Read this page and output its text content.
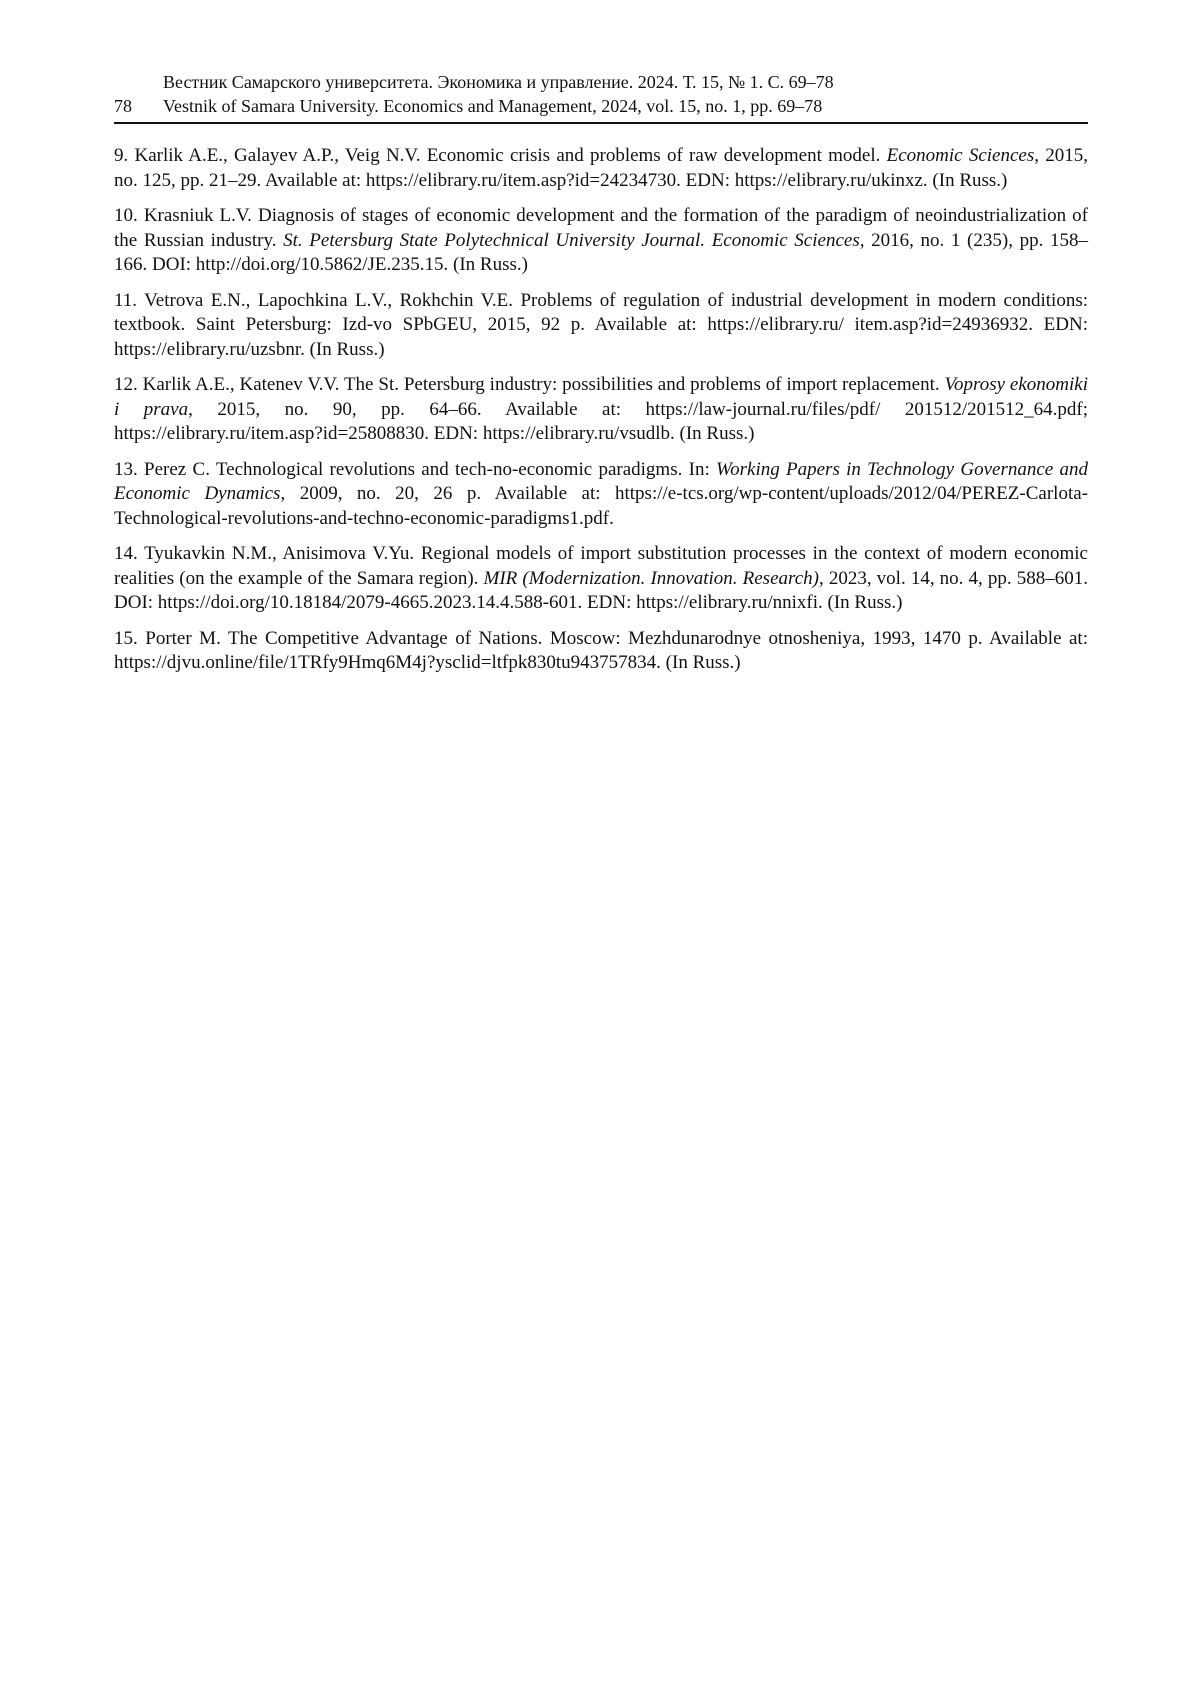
78
Вестник Самарского университета. Экономика и управление. 2024. Т. 15, № 1. С. 69–78
Vestnik of Samara University. Economics and Management, 2024, vol. 15, no. 1, pp. 69–78

9. Karlik A.E., Galayev A.P., Veig N.V. Economic crisis and problems of raw development model. Economic Sciences, 2015, no. 125, pp. 21–29. Available at: https://elibrary.ru/item.asp?id=24234730. EDN: https://elibrary.ru/ukinxz. (In Russ.)

10. Krasniuk L.V. Diagnosis of stages of economic development and the formation of the paradigm of neoindustrialization of the Russian industry. St. Petersburg State Polytechnical University Journal. Economic Sciences, 2016, no. 1 (235), pp. 158–166. DOI: http://doi.org/10.5862/JE.235.15. (In Russ.)

11. Vetrova E.N., Lapochkina L.V., Rokhchin V.E. Problems of regulation of industrial development in modern conditions: textbook. Saint Petersburg: Izd-vo SPbGEU, 2015, 92 p. Available at: https://elibrary.ru/ item.asp?id=24936932. EDN: https://elibrary.ru/uzsbnr. (In Russ.)

12. Karlik A.E., Katenev V.V. The St. Petersburg industry: possibilities and problems of import replacement. Voprosy ekonomiki i prava, 2015, no. 90, pp. 64–66. Available at: https://law-journal.ru/files/pdf/ 201512/201512_64.pdf; https://elibrary.ru/item.asp?id=25808830. EDN: https://elibrary.ru/vsudlb. (In Russ.)

13. Perez C. Technological revolutions and tech-no-economic paradigms. In: Working Papers in Technology Governance and Economic Dynamics, 2009, no. 20, 26 p. Available at: https://e-tcs.org/wp-content/uploads/2012/04/PEREZ-Carlota-Technological-revolutions-and-techno-economic-paradigms1.pdf.

14. Tyukavkin N.M., Anisimova V.Yu. Regional models of import substitution processes in the context of modern economic realities (on the example of the Samara region). MIR (Modernization. Innovation. Research), 2023, vol. 14, no. 4, pp. 588–601. DOI: https://doi.org/10.18184/2079-4665.2023.14.4.588-601. EDN: https://elibrary.ru/nnixfi. (In Russ.)

15. Porter M. The Competitive Advantage of Nations. Moscow: Mezhdunarodnye otnosheniya, 1993, 1470 p. Available at: https://djvu.online/file/1TRfy9Hmq6M4j?ysclid=ltfpk830tu943757834. (In Russ.)
